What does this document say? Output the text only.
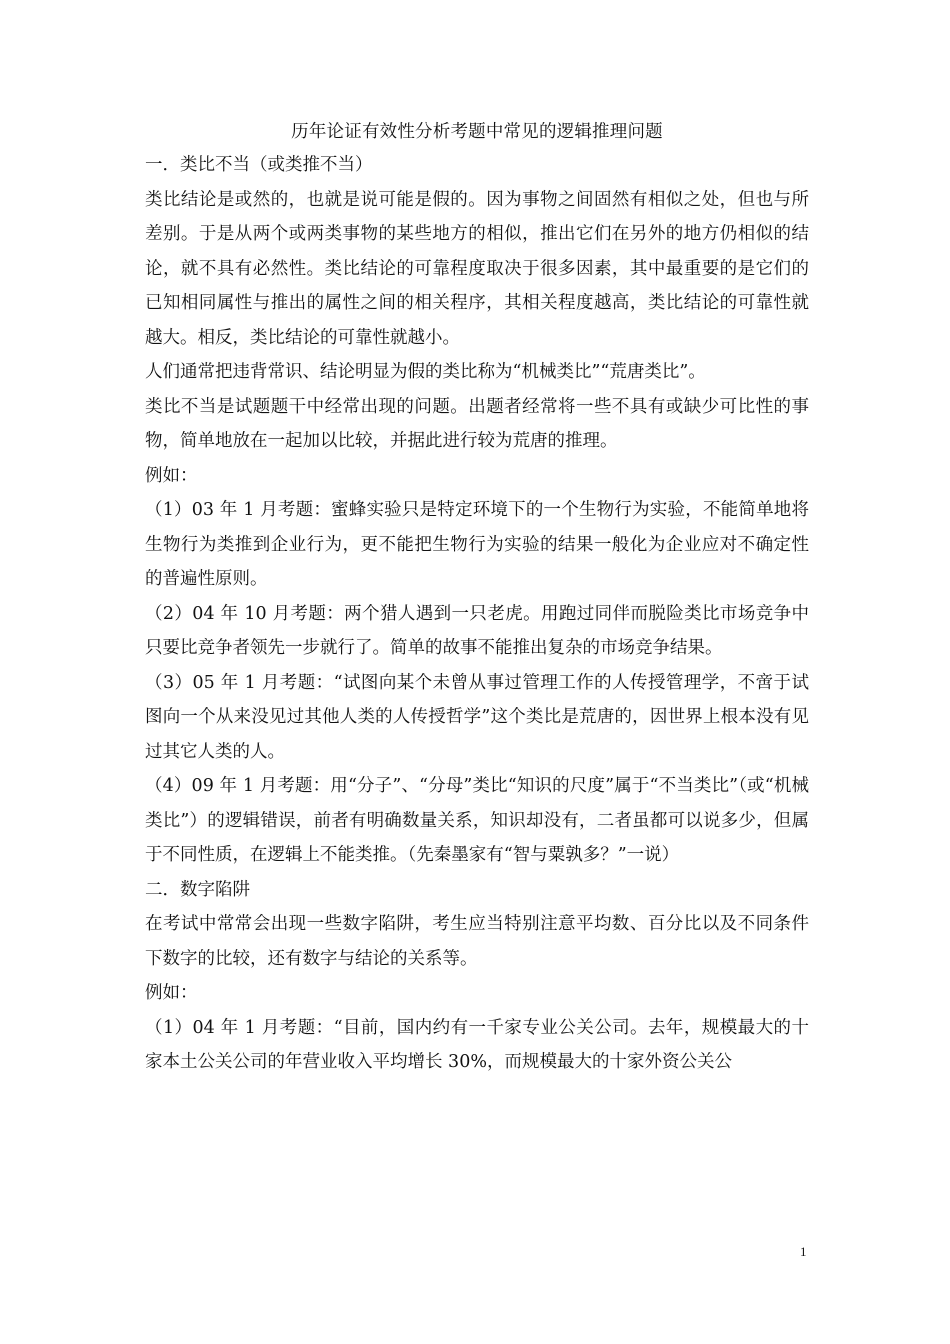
历年论证有效性分析考题中常见的逻辑推理问题

一．类比不当（或类推不当）

类比结论是或然的，也就是说可能是假的。因为事物之间固然有相似之处，但也与所差别。于是从两个或两类事物的某些地方的相似，推出它们在另外的地方仍相似的结论，就不具有必然性。类比结论的可靠程度取决于很多因素，其中最重要的是它们的已知相同属性与推出的属性之间的相关程序，其相关程度越高，类比结论的可靠性就越大。相反，类比结论的可靠性就越小。

人们通常把违背常识、结论明显为假的类比称为“机械类比”“荒唐类比”。

类比不当是试题题干中经常出现的问题。出题者经常将一些不具有或缺少可比性的事物，简单地放在一起加以比较，并据此进行较为荒唐的推理。

例如：

（1）03 年 1 月考题：蜜蜂实验只是特定环境下的一个生物行为实验，不能简单地将生物行为类推到企业行为，更不能把生物行为实验的结果一般化为企业应对不确定性的普遍性原则。

（2）04 年 10 月考题：两个猎人遇到一只老虎。用跑过同伴而脱险类比市场竞争中只要比竞争者领先一步就行了。简单的故事不能推出复杂的市场竞争结果。

（3）05 年 1 月考题：“试图向某个未曾从事过管理工作的人传授管理学，不啻于试图向一个从来没见过其他人类的人传授哲学”这个类比是荒唐的，因世界上根本没有见过其它人类的人。

（4）09 年 1 月考题：用“分子”、“分母”类比“知识的尺度”属于“不当类比”（或“机械类比”）的逻辑错误，前者有明确数量关系，知识却没有，二者虽都可以说多少，但属于不同性质，在逻辑上不能类推。（先秦墨家有“智与粟孰多？”一说）

二．数字陷阱

在考试中常常会出现一些数字陷阱，考生应当特别注意平均数、百分比以及不同条件下数字的比较，还有数字与结论的关系等。

例如：

（1）04 年 1 月考题：“目前，国内约有一千家专业公关公司。去年，规模最大的十家本土公关公司的年营业收入平均增长 30%，而规模最大的十家外资公关公

1
